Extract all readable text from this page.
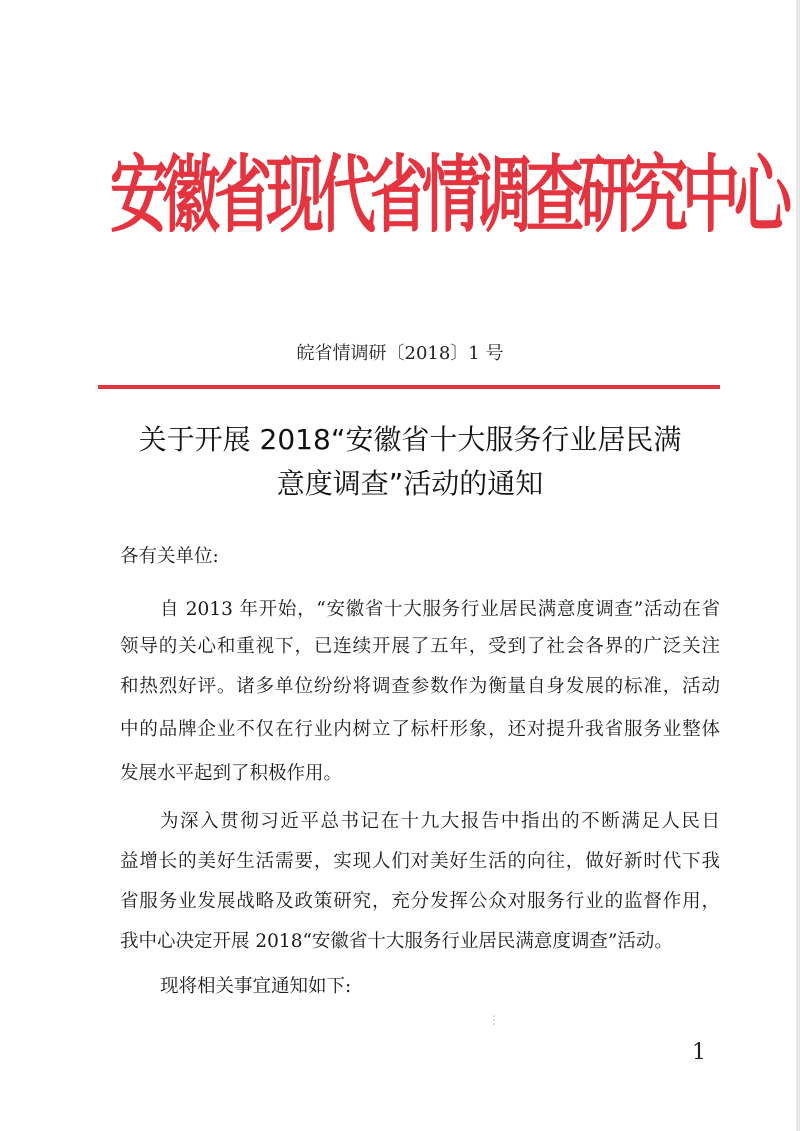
安徽省现代省情调查研究中心
皖省情调研〔2018〕1 号
关于开展 2018“安徽省十大服务行业居民满
意度调查”活动的通知
各有关单位:
自 2013 年开始，“安徽省十大服务行业居民满意度调查”活动在省
领导的关心和重视下，已连续开展了五年，受到了社会各界的广泛关注
和热烈好评。诸多单位纷纷将调查参数作为衡量自身发展的标准，活动
中的品牌企业不仅在行业内树立了标杆形象，还对提升我省服务业整体
发展水平起到了积极作用。
为深入贯彻习近平总书记在十九大报告中指出的不断满足人民日
益增长的美好生活需要，实现人们对美好生活的向往，做好新时代下我
省服务业发展战略及政策研究，充分发挥公众对服务行业的监督作用，
我中心决定开展 2018“安徽省十大服务行业居民满意度调查”活动。
现将相关事宜通知如下:
⋮
1
